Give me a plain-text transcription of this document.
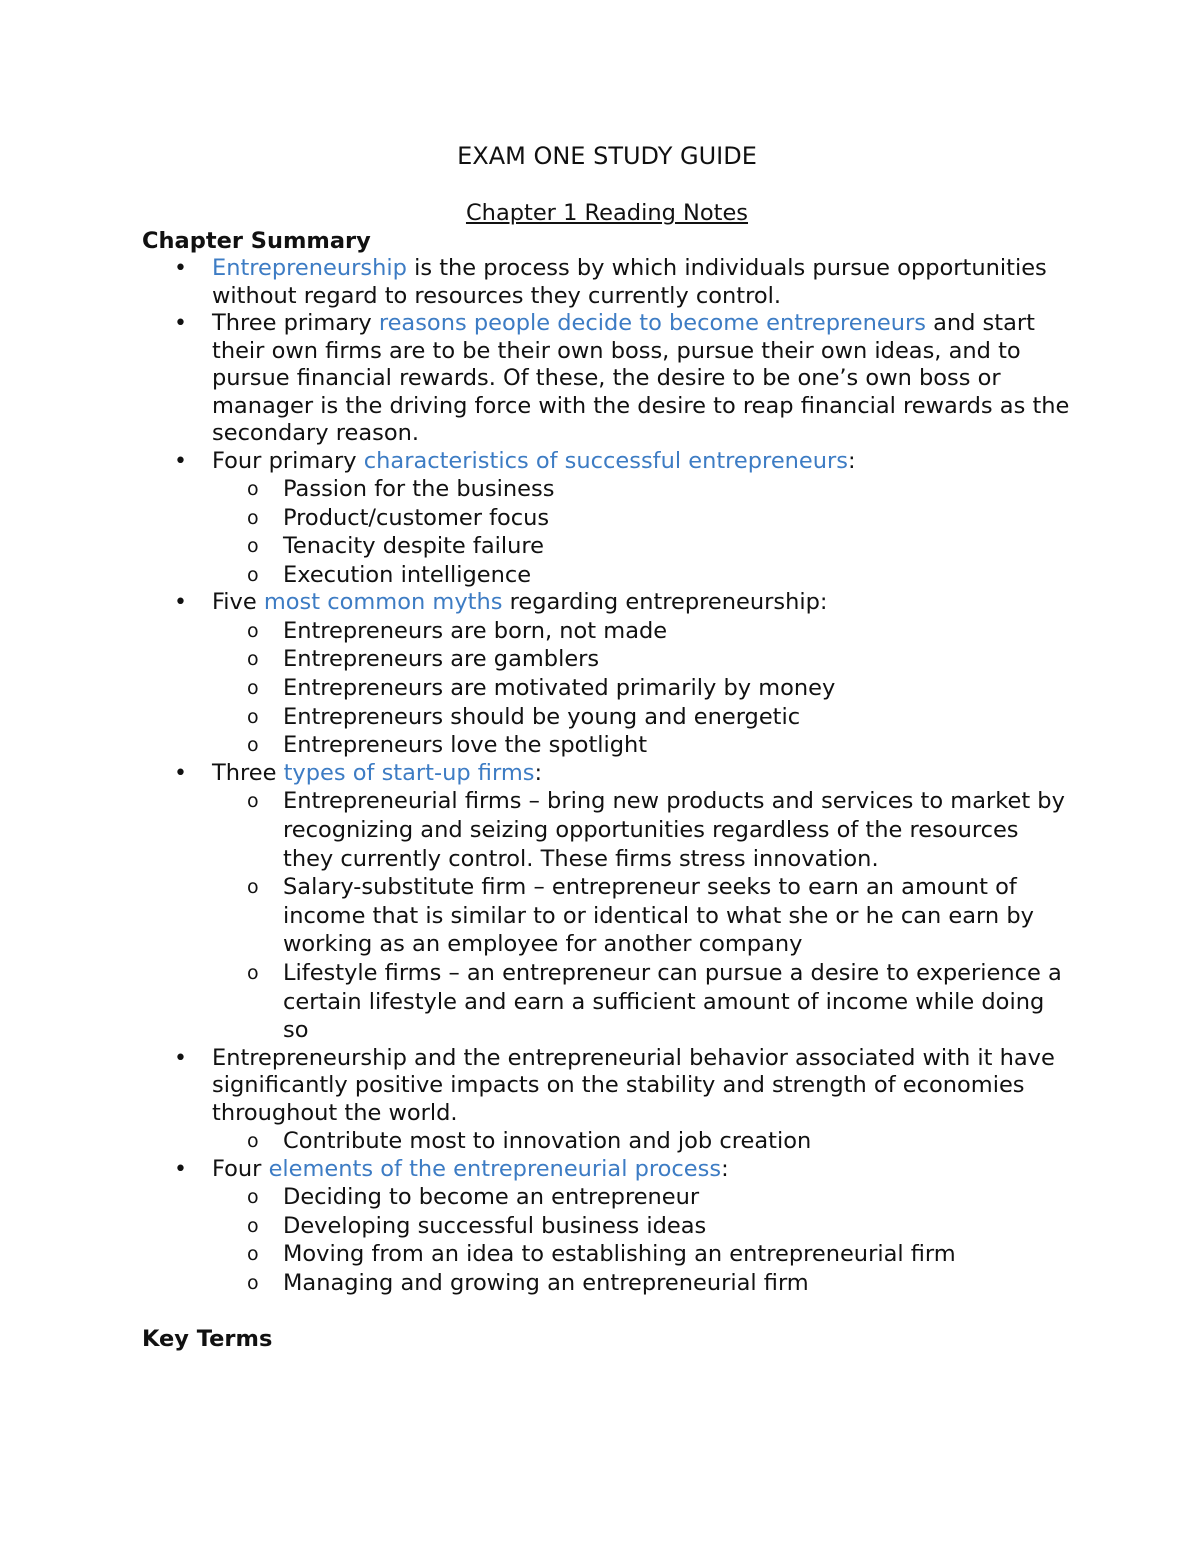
EXAM ONE STUDY GUIDE
Chapter 1 Reading Notes
Chapter Summary
• Entrepreneurship is the process by which individuals pursue opportunities without regard to resources they currently control.
• Three primary reasons people decide to become entrepreneurs and start their own firms are to be their own boss, pursue their own ideas, and to pursue financial rewards. Of these, the desire to be one’s own boss or manager is the driving force with the desire to reap financial rewards as the secondary reason.
• Four primary characteristics of successful entrepreneurs:
o Passion for the business
o Product/customer focus
o Tenacity despite failure
o Execution intelligence
• Five most common myths regarding entrepreneurship:
o Entrepreneurs are born, not made
o Entrepreneurs are gamblers
o Entrepreneurs are motivated primarily by money
o Entrepreneurs should be young and energetic
o Entrepreneurs love the spotlight
• Three types of start-up firms:
o Entrepreneurial firms – bring new products and services to market by recognizing and seizing opportunities regardless of the resources they currently control. These firms stress innovation.
o Salary-substitute firm – entrepreneur seeks to earn an amount of income that is similar to or identical to what she or he can earn by working as an employee for another company
o Lifestyle firms – an entrepreneur can pursue a desire to experience a certain lifestyle and earn a sufficient amount of income while doing so
• Entrepreneurship and the entrepreneurial behavior associated with it have significantly positive impacts on the stability and strength of economies throughout the world.
o Contribute most to innovation and job creation
• Four elements of the entrepreneurial process:
o Deciding to become an entrepreneur
o Developing successful business ideas
o Moving from an idea to establishing an entrepreneurial firm
o Managing and growing an entrepreneurial firm
Key Terms
